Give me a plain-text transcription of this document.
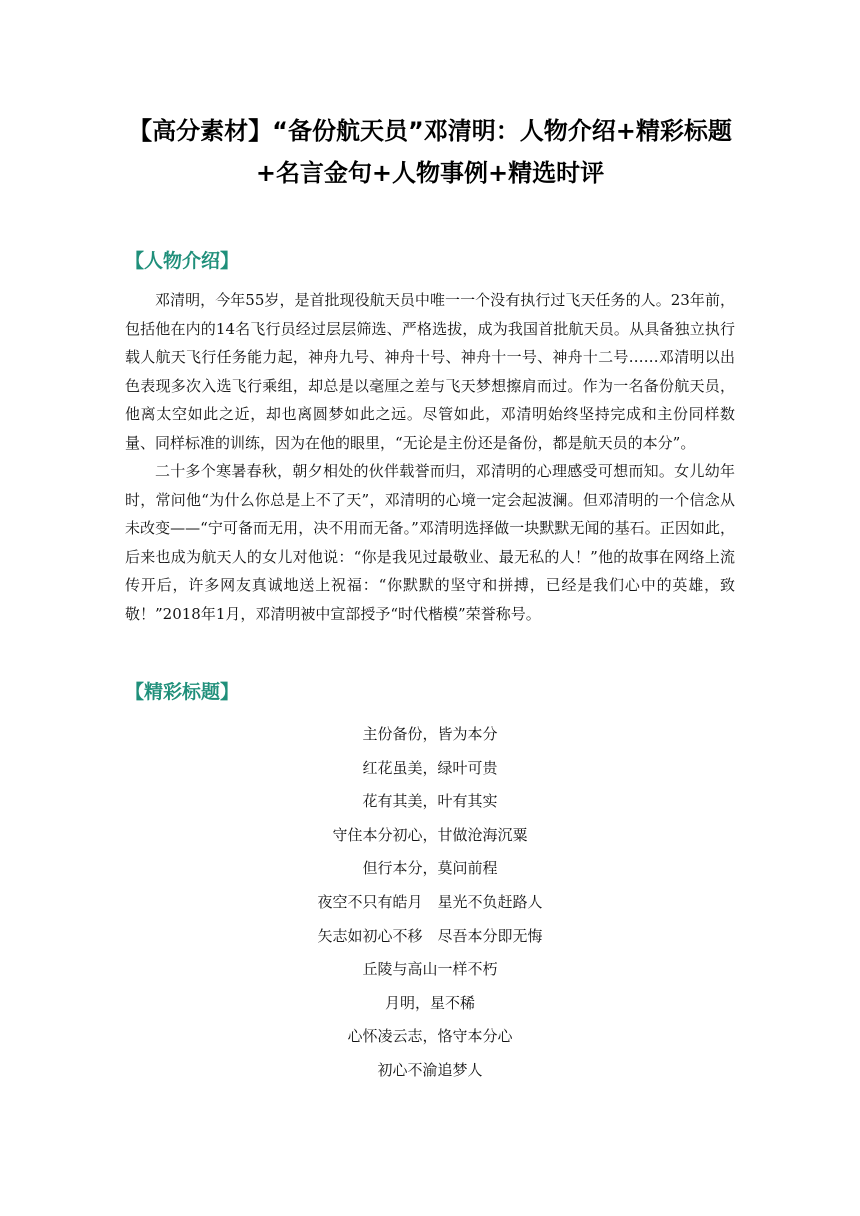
【高分素材】“备份航天员”邓清明：人物介绍+精彩标题+名言金句+人物事例+精选时评
【人物介绍】

邓清明，今年55岁，是首批现役航天员中唯一一个没有执行过飞天任务的人。23年前，包括他在内的14名飞行员经过层层筛选、严格选拔，成为我国首批航天员。从具备独立执行载人航天飞行任务能力起，神舟九号、神舟十号、神舟十一号、神舟十二号……邓清明以出色表现多次入选飞行乘组，却总是以毫厘之差与飞天梦想擦肩而过。作为一名备份航天员，他离太空如此之近，却也离圆梦如此之远。尽管如此，邓清明始终坚持完成和主份同样数量、同样标准的训练，因为在他的眼里，“无论是主份还是备份，都是航天员的本分”。

二十多个寒暑春秋，朝夕相处的伙伴载誉而归，邓清明的心理感受可想而知。女儿幼年时，常问他“为什么你总是上不了天”，邓清明的心境一定会起波澜。但邓清明的一个信念从未改变——“宁可备而无用，决不用而无备。”邓清明选择做一块默默无闻的基石。正因如此，后来也成为航天人的女儿对他说：“你是我见过最敬业、最无私的人！”他的故事在网络上流传开后，许多网友真诚地送上祝福：“你默默的坚守和拼搏，已经是我们心中的英雄，致敬！”2018年1月，邓清明被中宣部授予“时代楷模”荣誉称号。

【精彩标题】
主份备份，皆为本分
红花虽美，绿叶可贵
花有其美，叶有其实
守住本分初心，甘做沧海沉粟
但行本分，莫问前程
夜空不只有皓月　星光不负赶路人
矢志如初心不移　尽吾本分即无悔
丘陵与高山一样不朽
月明，星不稀
心怀凌云志，恪守本分心
初心不渝追梦人
